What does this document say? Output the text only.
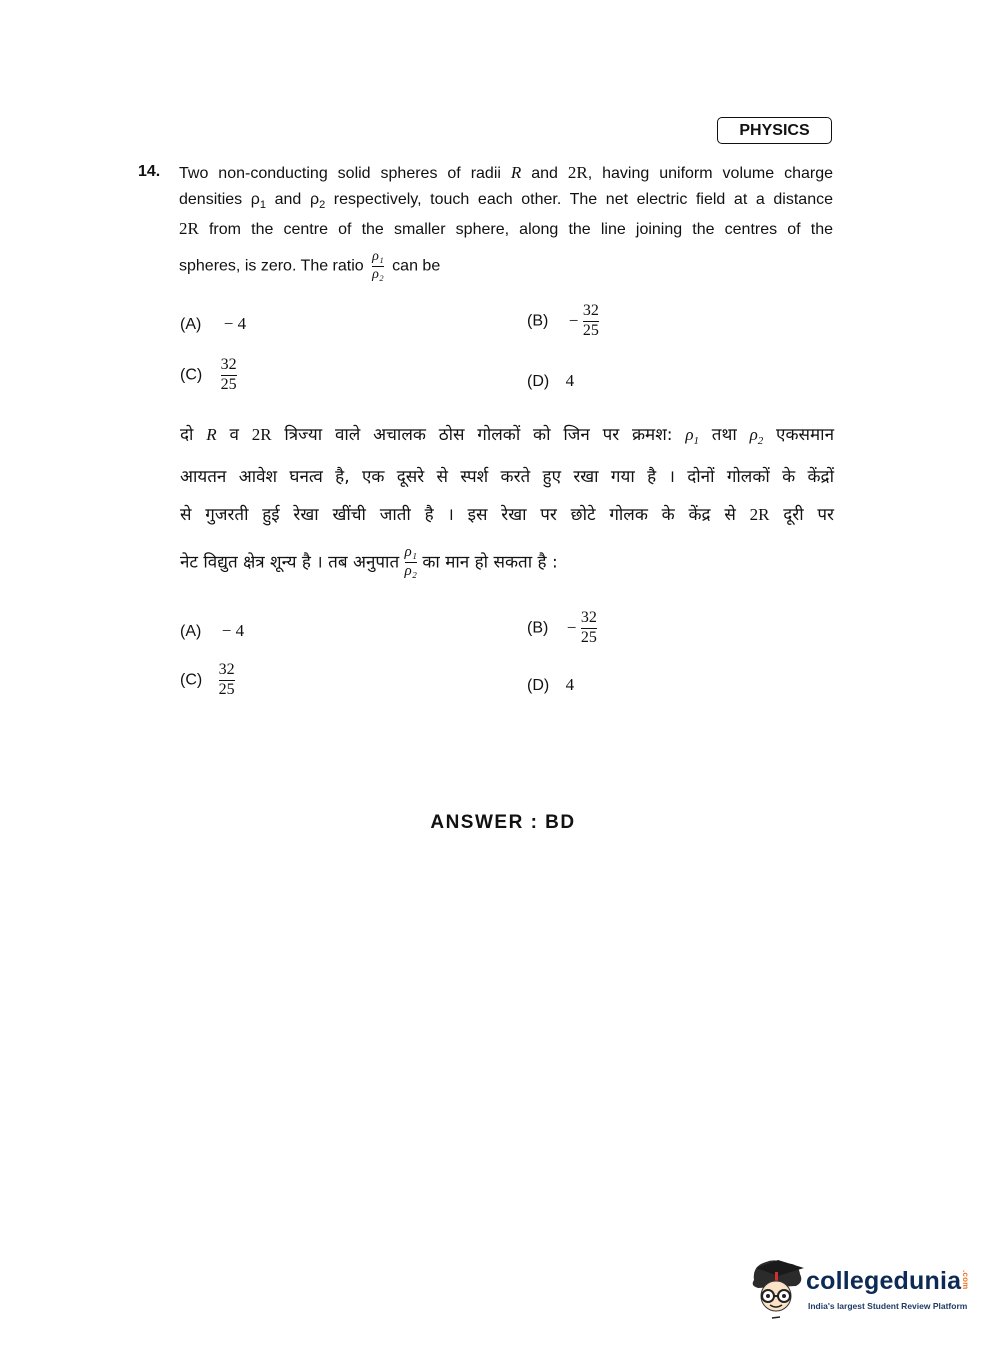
PHYSICS
14. Two non-conducting solid spheres of radii R and 2R, having uniform volume charge
densities $\rho_1$ and $\rho_2$ respectively, touch each other. The net electric field at a distance
2R from the centre of the smaller sphere, along the line joining the centres of the
spheres, is zero. The ratio $\frac{\text{ρ₁}}{\text{ρ₂}}$ can be
(A) − 4	$(B) - \frac{32}{25}$
$(C) \frac{32}{25}$	(D) 4
दो R व 2R त्रिज्या वाले अचालक ठोस गोलकों को जिन पर क्रमश: $\rho_1$ तथा $\rho_2$ एकसमान
आयतन आवेश घनत्व है, एक दूसरे से स्पर्श करते हुए रखा गया है । दोनों गोलकों के केंद्रों
से गुजरती हुई रेखा खींची जाती है । इस रेखा पर छोटे गोलक के केंद्र से 2R दूरी पर
नेट विद्युत क्षेत्र शून्य है । तब अनुपात $\frac{\text{ρ₁}}{\text{ρ₂}}$ का मान हो सकता है :
(A) − 4	$(B) - \frac{32}{25}$
$(C) \frac{32}{25}$	(D) 4
ANSWER : BD
collegedunia.com
India's largest Student Review Platform
